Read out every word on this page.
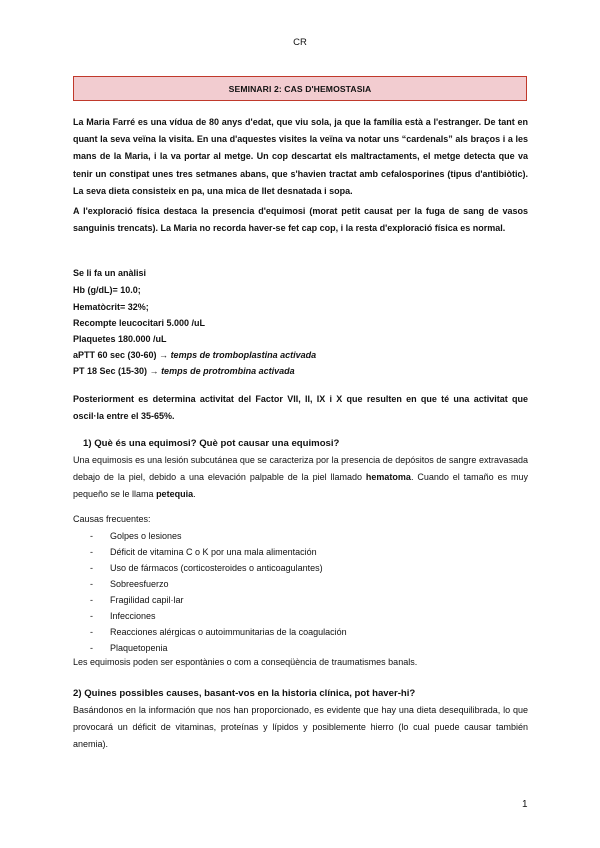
CR
SEMINARI 2: CAS D'HEMOSTASIA
La Maria Farré es una vídua de 80 anys d'edat, que viu sola, ja que la família està a l'estranger. De tant en quant la seva veïna la visita. En una d'aquestes visites la veïna va notar uns “cardenals” als braços i a les mans de la Maria, i la va portar al metge. Un cop descartat els maltractaments, el metge detecta que va tenir un constipat unes tres setmanes abans, que s'havien tractat amb cefalosporines (tipus d'antibiòtic). La seva dieta consisteix en pa, una mica de llet desnatada i sopa.
A l'exploració física destaca la presencia d'equimosi (morat petit causat per la fuga de sang de vasos sanguinis trencats). La Maria no recorda haver-se fet cap cop, i la resta d'exploració física es normal.
Se li fa un anàlisi
Hb (g/dL)= 10.0;
Hematòcrit= 32%;
Recompte leucocitari 5.000 /uL
Plaquetes 180.000 /uL
aPTT 60 sec (30-60) → temps de tromboplastina activada
PT 18 Sec (15-30) → temps de protrombina activada
Posteriorment es determina activitat del Factor VII, II, IX i X que resulten en que té una activitat que oscil·la entre el 35-65%.
1) Què és una equimosi? Què pot causar una equimosi?
Una equimosis es una lesión subcutánea que se caracteriza por la presencia de depósitos de sangre extravasada debajo de la piel, debido a una elevación palpable de la piel llamado hematoma. Cuando el tamaño es muy pequeño se le llama petequia.
Causas frecuentes:
- Golpes o lesiones
- Déficit de vitamina C o K por una mala alimentación
- Uso de fármacos (corticosteroides o anticoagulantes)
- Sobreesfuerzo
- Fragilidad capil·lar
- Infecciones
- Reacciones alérgicas o autoimmunitarias de la coagulación
- Plaquetopenia
Les equimosis poden ser espontànies o com a conseqüència de traumatismes banals.
2) Quines possibles causes, basant-vos en la historia clínica, pot haver-hi?
Basándonos en la información que nos han proporcionado, es evidente que hay una dieta desequilibrada, lo que provocará un déficit de vitaminas, proteínas y lípidos y posiblemente hierro (lo cual puede causar también anemia).
1
